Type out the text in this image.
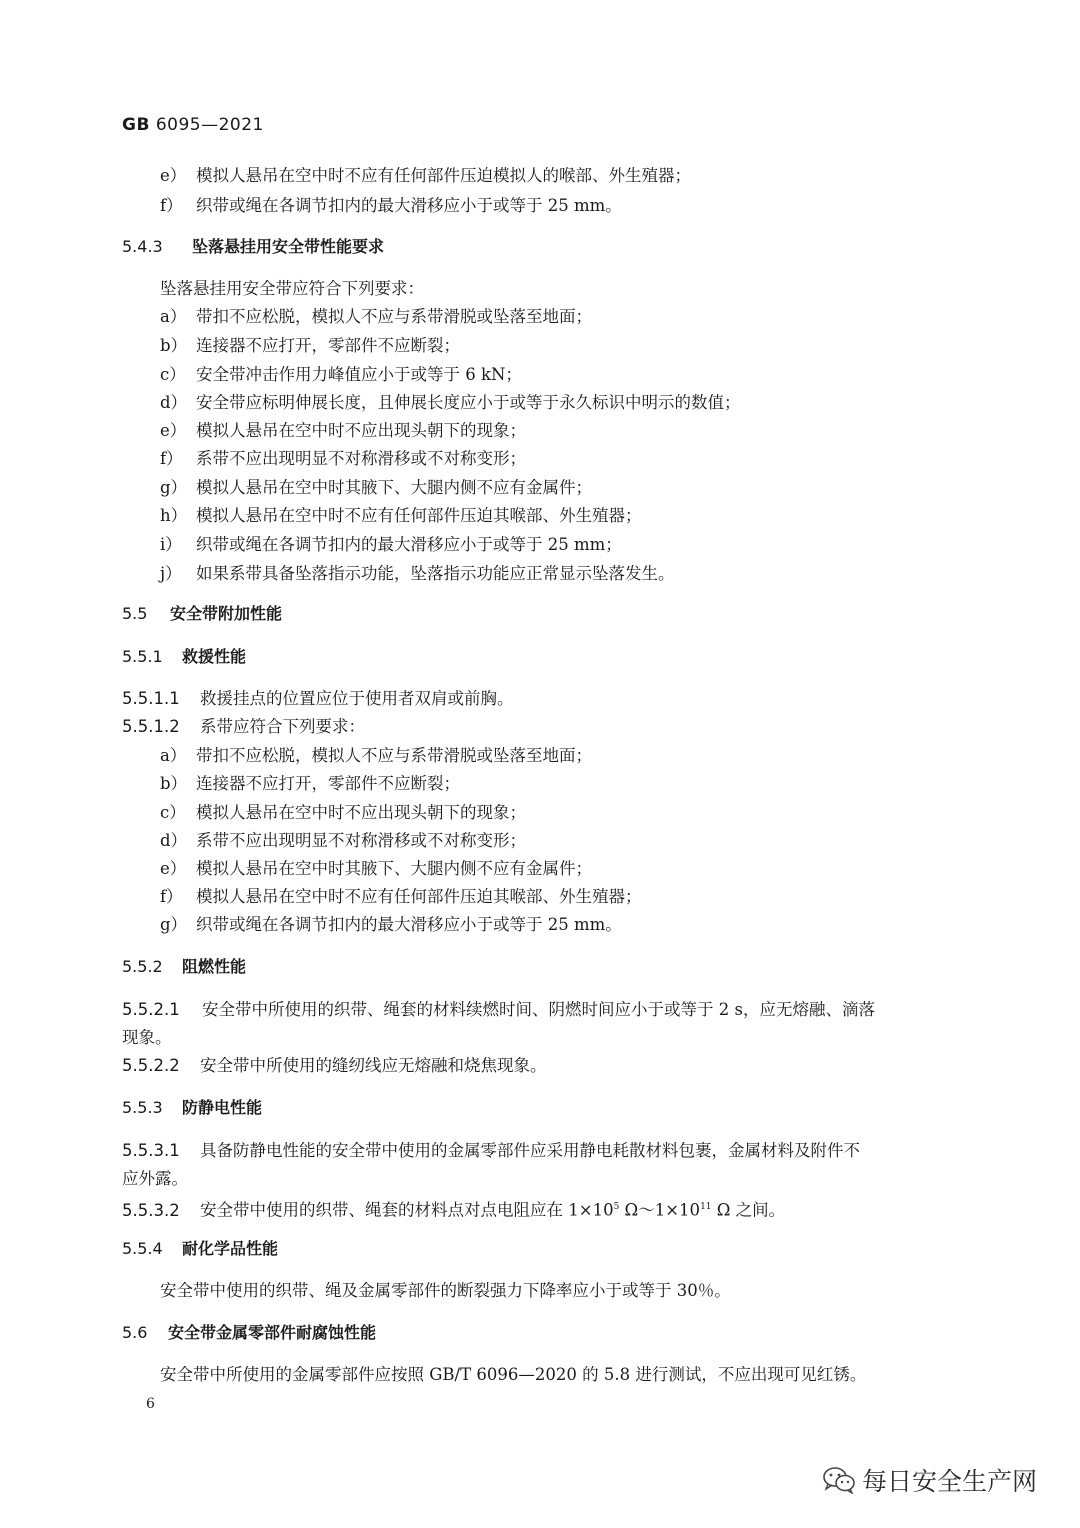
GB 6095—2021
e） 模拟人悬吊在空中时不应有任何部件压迫模拟人的喉部、外生殖器；
f） 织带或绳在各调节扣内的最大滑移应小于或等于 25 mm。
5.4.3 坠落悬挂用安全带性能要求
坠落悬挂用安全带应符合下列要求：
a） 带扣不应松脱，模拟人不应与系带滑脱或坠落至地面；
b） 连接器不应打开，零部件不应断裂；
c） 安全带冲击作用力峰值应小于或等于 6 kN；
d） 安全带应标明伸展长度，且伸展长度应小于或等于永久标识中明示的数值；
e） 模拟人悬吊在空中时不应出现头朝下的现象；
f） 系带不应出现明显不对称滑移或不对称变形；
g） 模拟人悬吊在空中时其腋下、大腿内侧不应有金属件；
h） 模拟人悬吊在空中时不应有任何部件压迫其喉部、外生殖器；
i） 织带或绳在各调节扣内的最大滑移应小于或等于 25 mm；
j） 如果系带具备坠落指示功能，坠落指示功能应正常显示坠落发生。
5.5 安全带附加性能
5.5.1 救援性能
5.5.1.1 救援挂点的位置应位于使用者双肩或前胸。
5.5.1.2 系带应符合下列要求：
a） 带扣不应松脱，模拟人不应与系带滑脱或坠落至地面；
b） 连接器不应打开，零部件不应断裂；
c） 模拟人悬吊在空中时不应出现头朝下的现象；
d） 系带不应出现明显不对称滑移或不对称变形；
e） 模拟人悬吊在空中时其腋下、大腿内侧不应有金属件；
f） 模拟人悬吊在空中时不应有任何部件压迫其喉部、外生殖器；
g） 织带或绳在各调节扣内的最大滑移应小于或等于 25 mm。
5.5.2 阻燃性能
5.5.2.1 安全带中所使用的织带、绳套的材料续燃时间、阴燃时间应小于或等于 2 s，应无熔融、滴落
现象。
5.5.2.2 安全带中所使用的缝纫线应无熔融和烧焦现象。
5.5.3 防静电性能
5.5.3.1 具备防静电性能的安全带中使用的金属零部件应采用静电耗散材料包裹，金属材料及附件不
应外露。
5.5.3.2 安全带中使用的织带、绳套的材料点对点电阻应在 $1\times 10^5$ $\Omega\sim 1\times 10^{11}$ Ω 之间。
5.5.4 耐化学品性能
安全带中使用的织带、绳及金属零部件的断裂强力下降率应小于或等于 30％。
5.6 安全带金属零部件耐腐蚀性能
安全带中所使用的金属零部件应按照 GB/T 6096—2020 的 5.8 进行测试，不应出现可见红锈。
6
每日安全生产网
